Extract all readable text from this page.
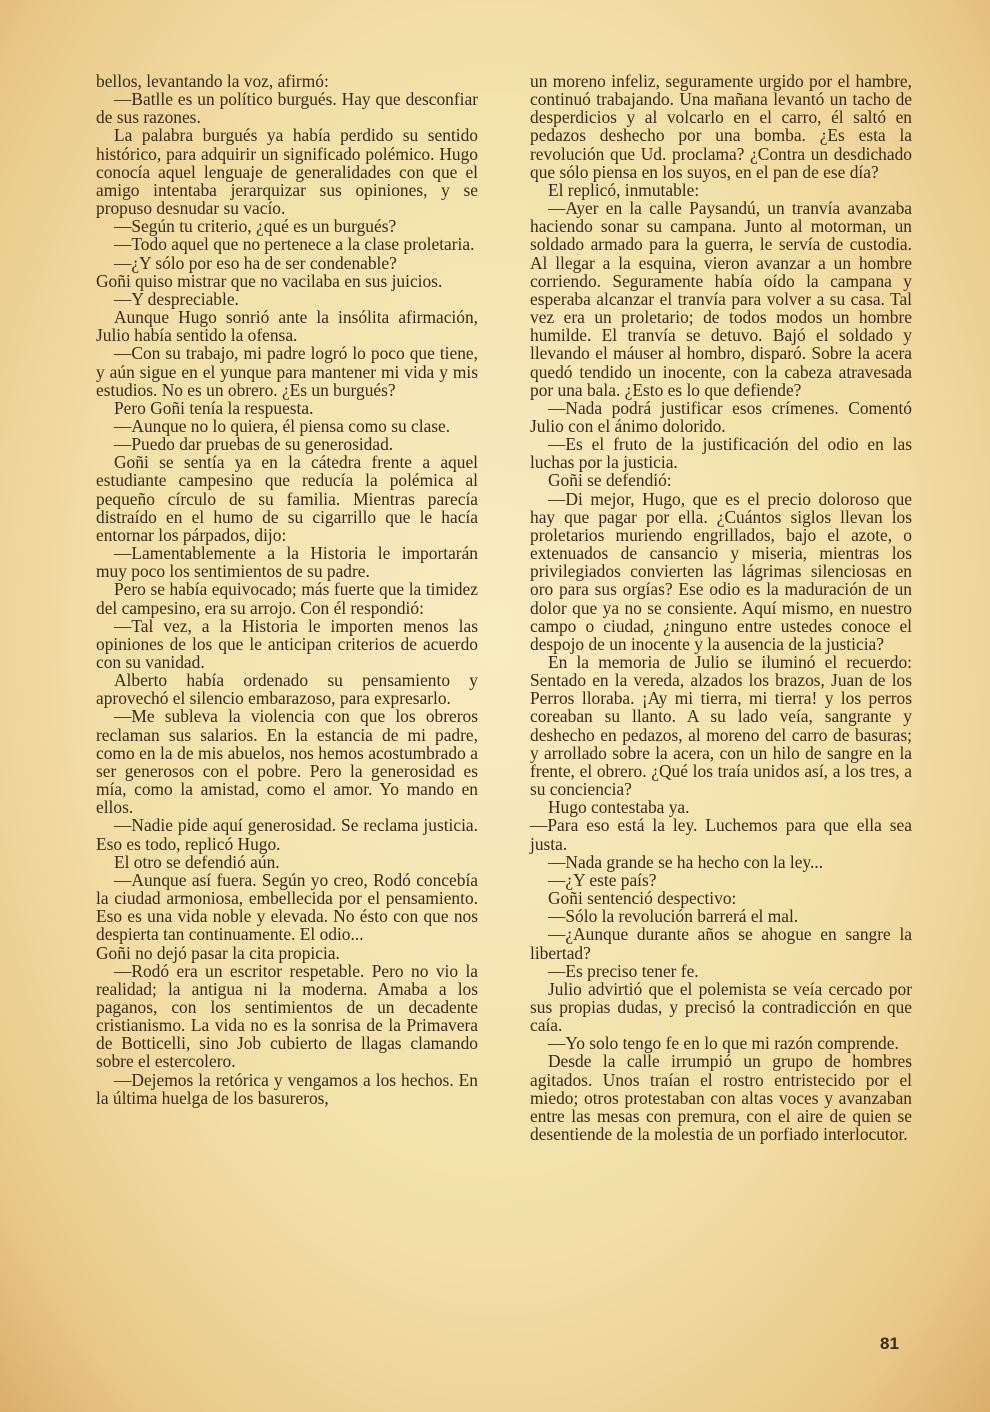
bellos, levantando la voz, afirmó:

—Batlle es un político burgués. Hay que desconfiar de sus razones.

La palabra burgués ya había perdido su sentido histórico, para adquirir un significado polémico. Hugo conocía aquel lenguaje de generalidades con que el amigo intentaba jerarquizar sus opiniones, y se propuso desnudar su vacío.

—Según tu criterio, ¿qué es un burgués?

—Todo aquel que no pertenece a la clase proletaria.

—¿Y sólo por eso ha de ser condenable?

Goñi quiso mistrar que no vacilaba en sus juicios.

—Y despreciable.

Aunque Hugo sonrió ante la insólita afirmación, Julio había sentido la ofensa.

—Con su trabajo, mi padre logró lo poco que tiene, y aún sigue en el yunque para mantener mi vida y mis estudios. No es un obrero. ¿Es un burgués?

Pero Goñi tenía la respuesta.

—Aunque no lo quiera, él piensa como su clase.

—Puedo dar pruebas de su generosidad.

Goñi se sentía ya en la cátedra frente a aquel estudiante campesino que reducía la polémica al pequeño círculo de su familia. Mientras parecía distraído en el humo de su cigarrillo que le hacía entornar los párpados, dijo:

—Lamentablemente a la Historia le importarán muy poco los sentimientos de su padre.

Pero se había equivocado; más fuerte que la timidez del campesino, era su arrojo. Con él respondió:

—Tal vez, a la Historia le importen menos las opiniones de los que le anticipan criterios de acuerdo con su vanidad.

Alberto había ordenado su pensamiento y aprovechó el silencio embarazoso, para expresarlo.

—Me subleva la violencia con que los obreros reclaman sus salarios. En la estancia de mi padre, como en la de mis abuelos, nos hemos acostumbrado a ser generosos con el pobre. Pero la generosidad es mía, como la amistad, como el amor. Yo mando en ellos.

—Nadie pide aquí generosidad. Se reclama justicia. Eso es todo, replicó Hugo.

El otro se defendió aún.

—Aunque así fuera. Según yo creo, Rodó concebía la ciudad armoniosa, embellecida por el pensamiento. Eso es una vida noble y elevada. No ésto con que nos despierta tan continuamente. El odio...

Goñi no dejó pasar la cita propicia.

—Rodó era un escritor respetable. Pero no vio la realidad; la antigua ni la moderna. Amaba a los paganos, con los sentimientos de un decadente cristianismo. La vida no es la sonrisa de la Primavera de Botticelli, sino Job cubierto de llagas clamando sobre el estercolero.

—Dejemos la retórica y vengamos a los hechos. En la última huelga de los basureros,

un moreno infeliz, seguramente urgido por el hambre, continuó trabajando. Una mañana levantó un tacho de desperdicios y al volcarlo en el carro, él saltó en pedazos deshecho por una bomba. ¿Es esta la revolución que Ud. proclama? ¿Contra un desdichado que sólo piensa en los suyos, en el pan de ese día?

El replicó, inmutable:

—Ayer en la calle Paysandú, un tranvía avanzaba haciendo sonar su campana. Junto al motorman, un soldado armado para la guerra, le servía de custodia. Al llegar a la esquina, vieron avanzar a un hombre corriendo. Seguramente había oído la campana y esperaba alcanzar el tranvía para volver a su casa. Tal vez era un proletario; de todos modos un hombre humilde. El tranvía se detuvo. Bajó el soldado y llevando el máuser al hombro, disparó. Sobre la acera quedó tendido un inocente, con la cabeza atravesada por una bala. ¿Esto es lo que defiende?

—Nada podrá justificar esos crímenes. Comentó Julio con el ánimo dolorido.

—Es el fruto de la justificación del odio en las luchas por la justicia.

Goñi se defendió:

—Di mejor, Hugo, que es el precio doloroso que hay que pagar por ella. ¿Cuántos siglos llevan los proletarios muriendo engrillados, bajo el azote, o extenuados de cansancio y miseria, mientras los privilegiados convierten las lágrimas silenciosas en oro para sus orgías? Ese odio es la maduración de un dolor que ya no se consiente. Aquí mismo, en nuestro campo o ciudad, ¿ninguno entre ustedes conoce el despojo de un inocente y la ausencia de la justicia?

En la memoria de Julio se iluminó el recuerdo: Sentado en la vereda, alzados los brazos, Juan de los Perros lloraba. ¡Ay mi tierra, mi tierra! y los perros coreaban su llanto. A su lado veía, sangrante y deshecho en pedazos, al moreno del carro de basuras; y arrollado sobre la acera, con un hilo de sangre en la frente, el obrero. ¿Qué los traía unidos así, a los tres, a su conciencia?

Hugo contestaba ya.

—Para eso está la ley. Luchemos para que ella sea justa.

—Nada grande se ha hecho con la ley...

—¿Y este país?

Goñi sentenció despectivo:

—Sólo la revolución barrerá el mal.

—¿Aunque durante años se ahogue en sangre la libertad?

—Es preciso tener fe.

Julio advirtió que el polemista se veía cercado por sus propias dudas, y precisó la contradicción en que caía.

—Yo solo tengo fe en lo que mi razón comprende.

Desde la calle irrumpió un grupo de hombres agitados. Unos traían el rostro entristecido por el miedo; otros protestaban con altas voces y avanzaban entre las mesas con premura, con el aire de quien se desentiende de la molestia de un porfiado interlocutor.

81
